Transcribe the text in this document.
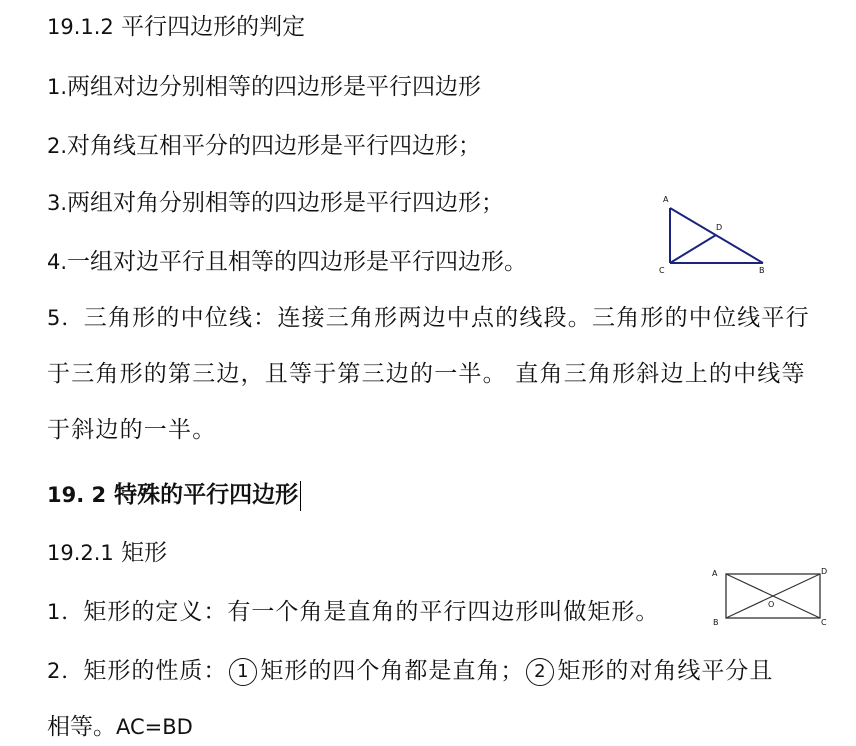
19.1.2 平行四边形的判定
1.两组对边分别相等的四边形是平行四边形
2.对角线互相平分的四边形是平行四边形；
3.两组对角分别相等的四边形是平行四边形；
4.一组对边平行且相等的四边形是平行四边形。
A
D
C	B
5．三角形的中位线：连接三角形两边中点的线段。三角形的中位线平行于三角形的第三边，且等于第三边的一半。 直角三角形斜边上的中线等于斜边的一半。
19. 2 特殊的平行四边形
19.2.1 矩形
1．矩形的定义：有一个角是直角的平行四边形叫做矩形。
A	D
O
B	C
2．矩形的性质： 1 矩形的四个角都是直角； 2 矩形的对角线平分且
相等。AC=BD
